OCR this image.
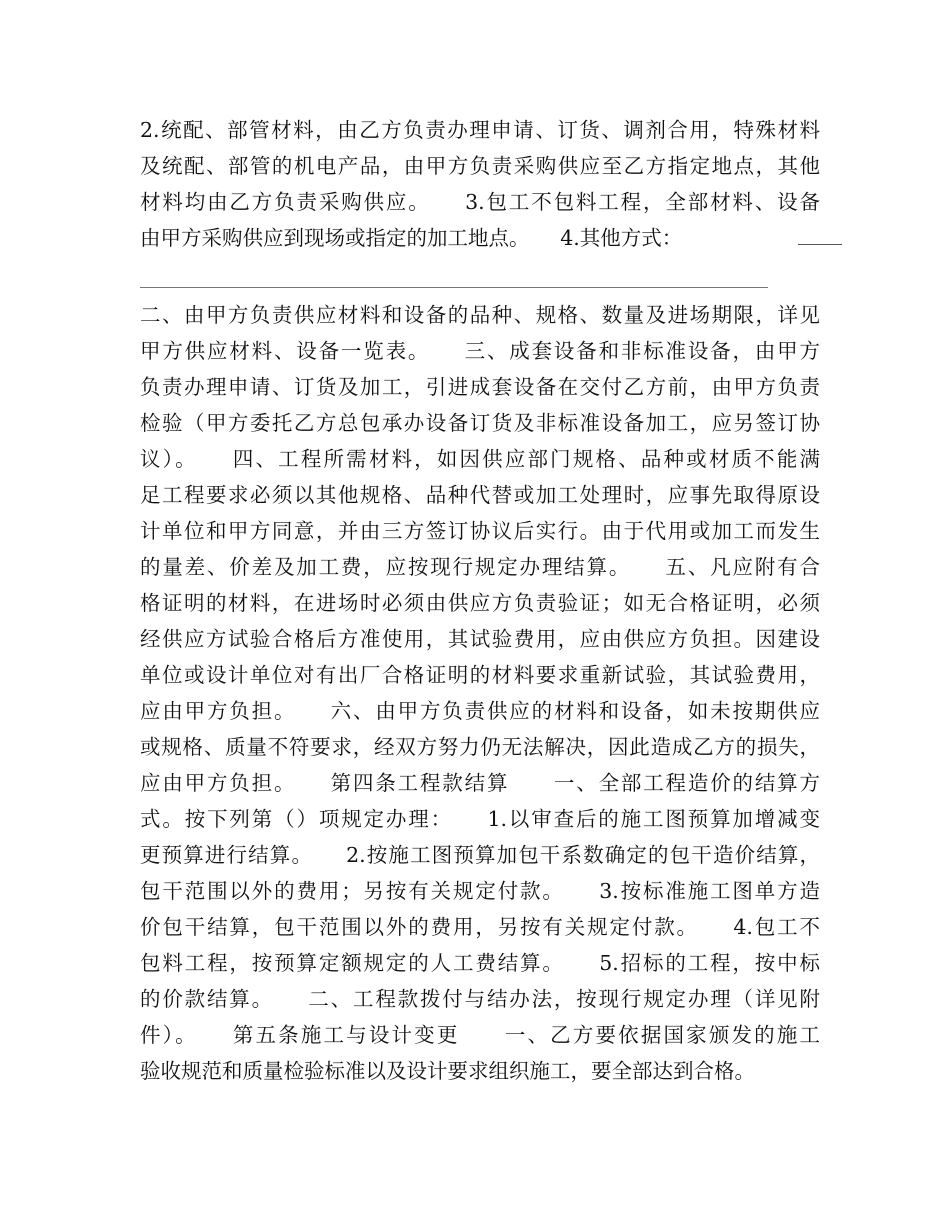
2.统配、部管材料，由乙方负责办理申请、订货、调剂合用，特殊材料
及统配、部管的机电产品，由甲方负责采购供应至乙方指定地点，其他
材料均由乙方负责采购供应。　　3.包工不包料工程，全部材料、设备
由甲方采购供应到现场或指定的加工地点。　　4.其他方式：
二、由甲方负责供应材料和设备的品种、规格、数量及进场期限，详见
甲方供应材料、设备一览表。　　三、成套设备和非标准设备，由甲方
负责办理申请、订货及加工，引进成套设备在交付乙方前，由甲方负责
检验（甲方委托乙方总包承办设备订货及非标准设备加工，应另签订协
议）。　　四、工程所需材料，如因供应部门规格、品种或材质不能满
足工程要求必须以其他规格、品种代替或加工处理时，应事先取得原设
计单位和甲方同意，并由三方签订协议后实行。由于代用或加工而发生
的量差、价差及加工费，应按现行规定办理结算。　　五、凡应附有合
格证明的材料，在进场时必须由供应方负责验证；如无合格证明，必须
经供应方试验合格后方准使用，其试验费用，应由供应方负担。因建设
单位或设计单位对有出厂合格证明的材料要求重新试验，其试验费用，
应由甲方负担。　　六、由甲方负责供应的材料和设备，如未按期供应
或规格、质量不符要求，经双方努力仍无法解决，因此造成乙方的损失，
应由甲方负担。　　第四条工程款结算　　一、全部工程造价的结算方
式。按下列第（）项规定办理：　　1.以审查后的施工图预算加增减变
更预算进行结算。　　2.按施工图预算加包干系数确定的包干造价结算，
包干范围以外的费用；另按有关规定付款。　　3.按标准施工图单方造
价包干结算，包干范围以外的费用，另按有关规定付款。　　4.包工不
包料工程，按预算定额规定的人工费结算。　　5.招标的工程，按中标
的价款结算。　　二、工程款拨付与结办法，按现行规定办理（详见附
件）。　　第五条施工与设计变更　　一、乙方要依据国家颁发的施工
验收规范和质量检验标准以及设计要求组织施工，要全部达到合格。
